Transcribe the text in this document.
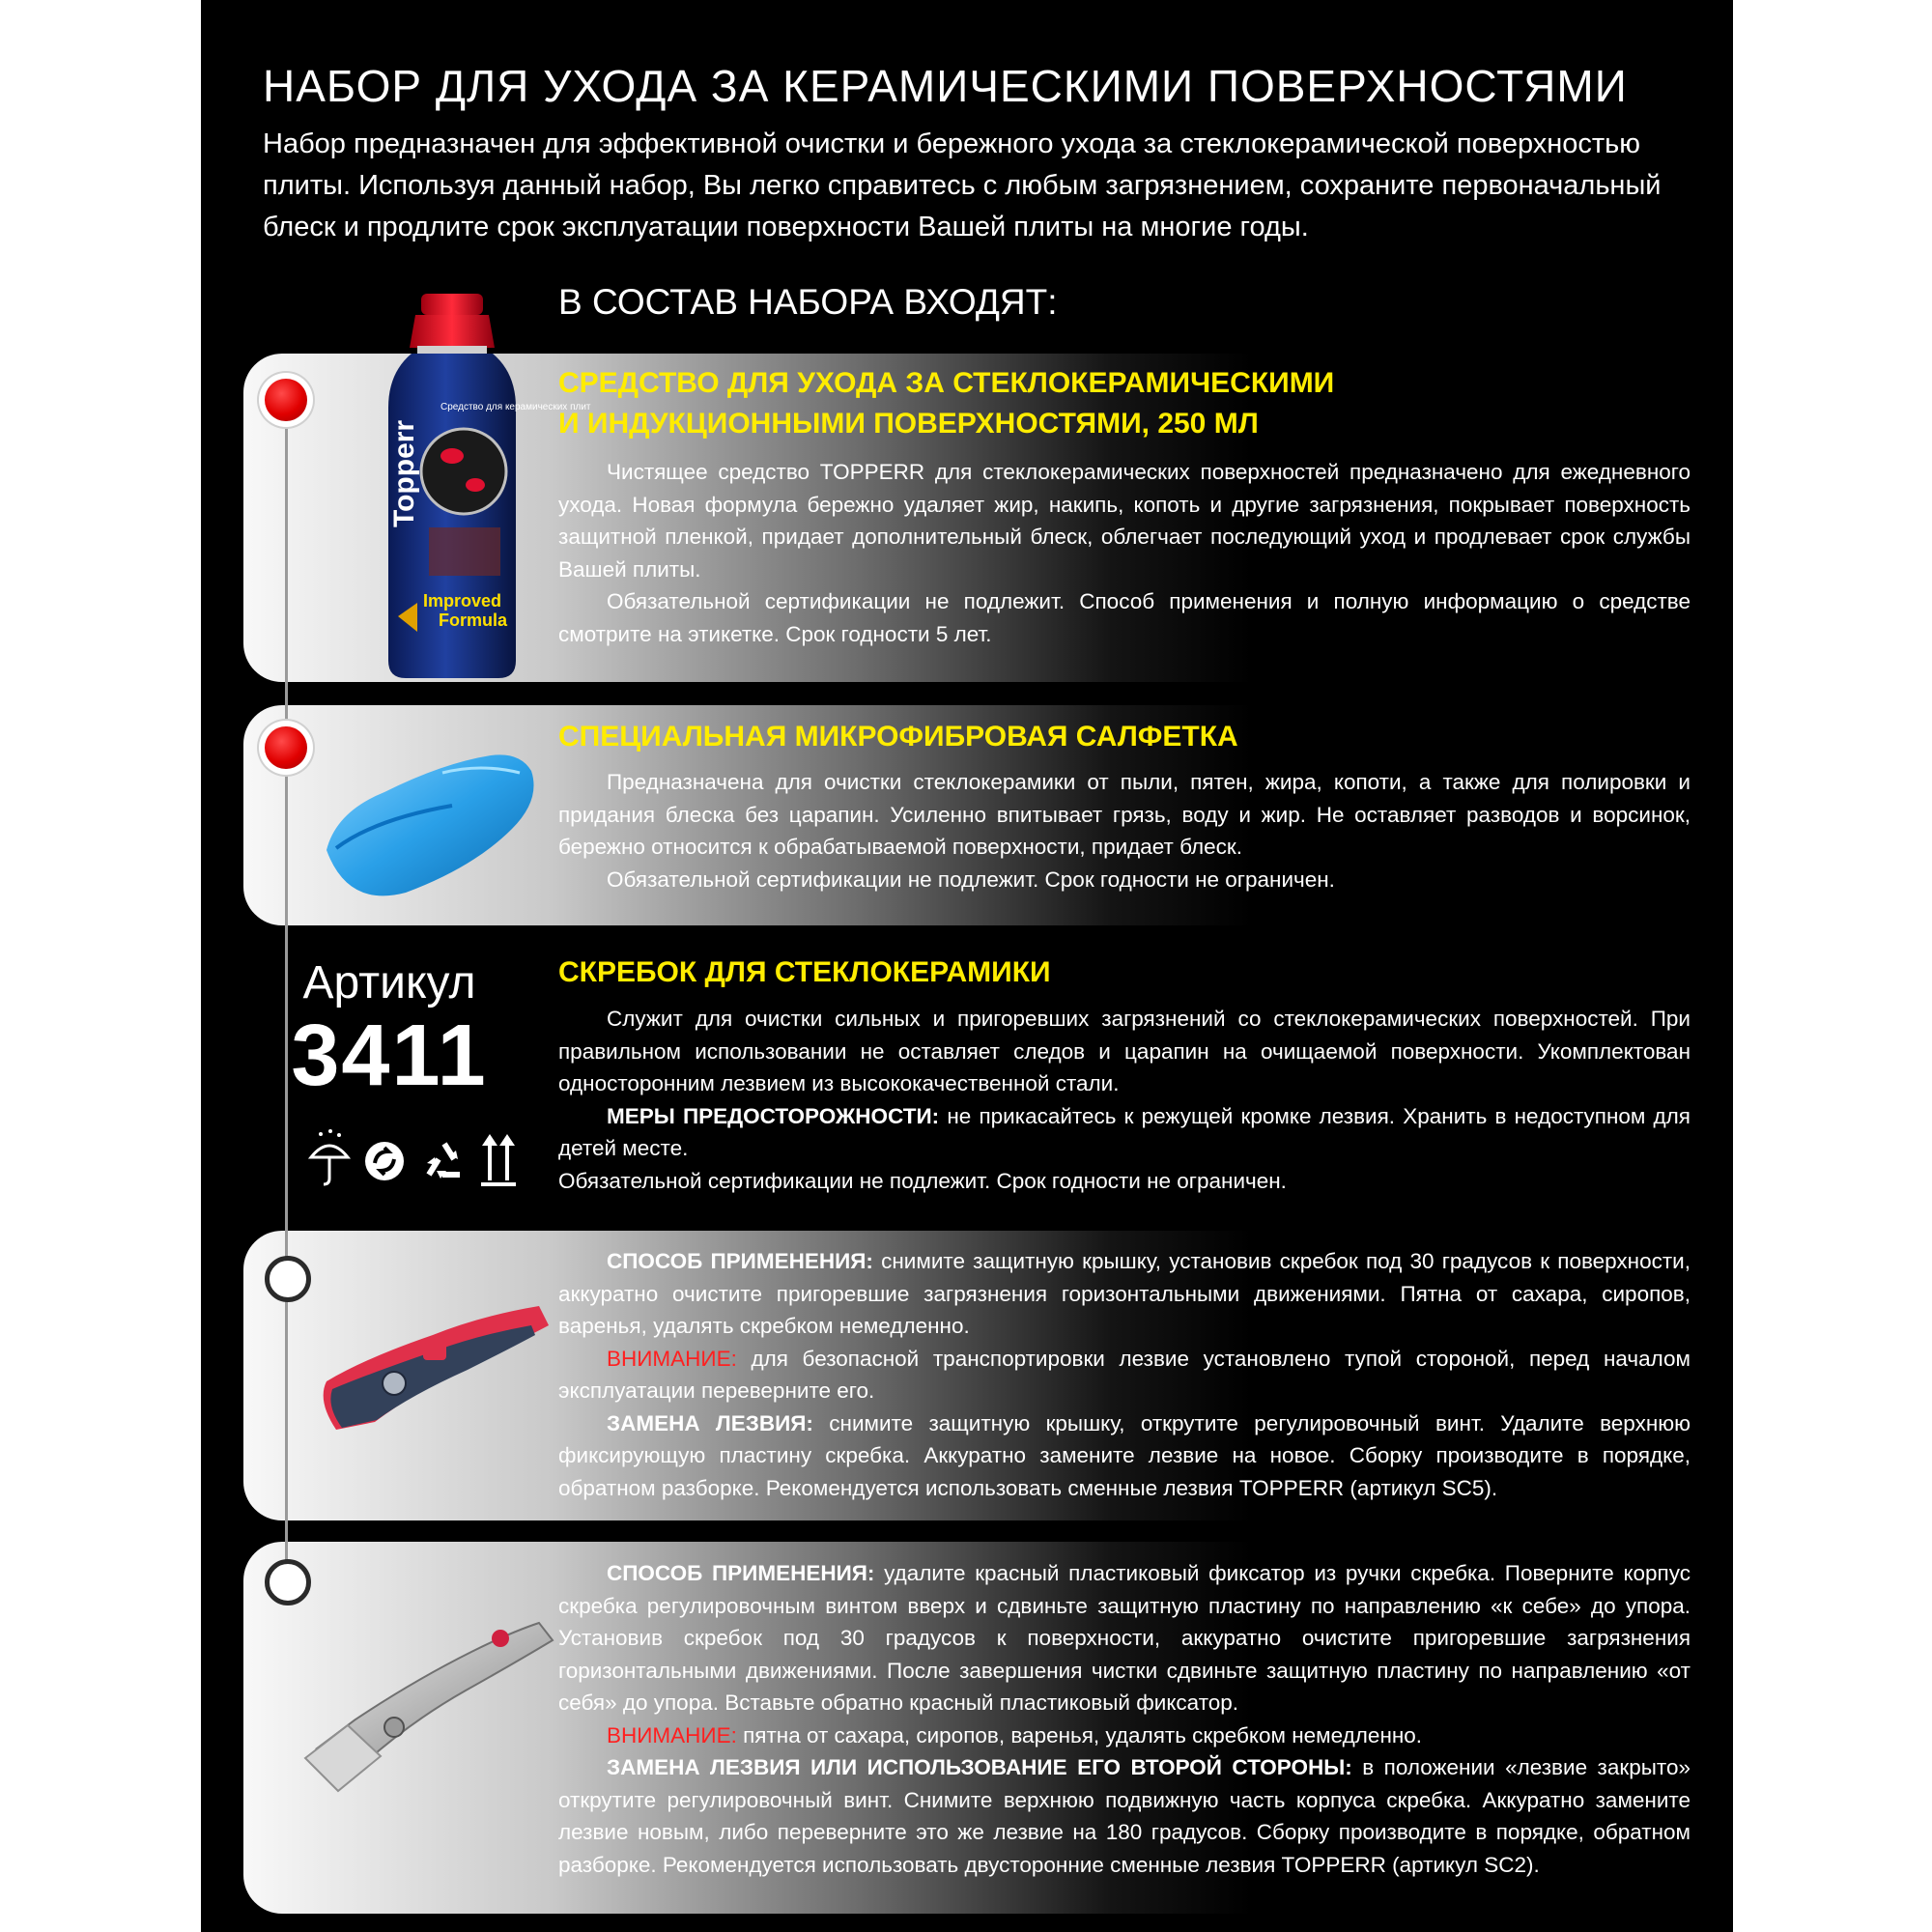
НАБОР ДЛЯ УХОДА ЗА КЕРАМИЧЕСКИМИ ПОВЕРХНОСТЯМИ
Набор предназначен для эффективной очистки и бережного ухода за стеклокерамической поверхностью плиты. Используя данный набор, Вы легко справитесь с любым загрязнением, сохраните первоначальный блеск и продлите срок эксплуатации поверхности Вашей плиты на многие годы.
В СОСТАВ НАБОРА ВХОДЯТ:
Topperr
Средство для керамических плит
Improved
Formula
СРЕДСТВО ДЛЯ УХОДА ЗА СТЕКЛОКЕРАМИЧЕСКИМИ
И ИНДУКЦИОННЫМИ ПОВЕРХНОСТЯМИ, 250 МЛ

Чистящее средство TOPPERR для стеклокерамических поверхностей предназначено для ежедневного ухода. Новая формула бережно удаляет жир, накипь, копоть и другие загрязнения, покрывает поверхность защитной пленкой, придает дополнительный блеск, облегчает последующий уход и продлевает срок службы Вашей плиты.

Обязательной сертификации не подлежит. Способ применения и полную информацию о средстве смотрите на этикетке. Срок годности 5 лет.

СПЕЦИАЛЬНАЯ МИКРОФИБРОВАЯ САЛФЕТКА

Предназначена для очистки стеклокерамики от пыли, пятен, жира, копоти, а также для полировки и придания блеска без царапин. Усиленно впитывает грязь, воду и жир. Не оставляет разводов и ворсинок, бережно относится к обрабатываемой поверхности, придает блеск.

Обязательной сертификации не подлежит. Срок годности не ограничен.

Артикул
3411
СКРЕБОК ДЛЯ СТЕКЛОКЕРАМИКИ

Служит для очистки сильных и пригоревших загрязнений со стеклокерамических поверхностей. При правильном использовании не оставляет следов и царапин на очищаемой поверхности. Укомплектован односторонним лезвием из высококачественной стали.

МЕРЫ ПРЕДОСТОРОЖНОСТИ: не прикасайтесь к режущей кромке лезвия. Хранить в недоступном для детей месте.

Обязательной сертификации не подлежит. Срок годности не ограничен.

СПОСОБ ПРИМЕНЕНИЯ: снимите защитную крышку, установив скребок под 30 градусов к поверхности, аккуратно очистите пригоревшие загрязнения горизонтальными движениями. Пятна от сахара, сиропов, варенья, удалять скребком немедленно.

ВНИМАНИЕ: для безопасной транспортировки лезвие установлено тупой стороной, перед началом эксплуатации переверните его.

ЗАМЕНА ЛЕЗВИЯ: снимите защитную крышку, открутите регулировочный винт. Удалите верхнюю фиксирующую пластину скребка. Аккуратно замените лезвие на новое. Сборку производите в порядке, обратном разборке. Рекомендуется использовать сменные лезвия TOPPERR (артикул SC5).

СПОСОБ ПРИМЕНЕНИЯ: удалите красный пластиковый фиксатор из ручки скребка. Поверните корпус скребка регулировочным винтом вверх и сдвиньте защитную пластину по направлению «к себе» до упора. Установив скребок под 30 градусов к поверхности, аккуратно очистите пригоревшие загрязнения горизонтальными движениями. После завершения чистки сдвиньте защитную пластину по направлению «от себя» до упора. Вставьте обратно красный пластиковый фиксатор.

ВНИМАНИЕ: пятна от сахара, сиропов, варенья, удалять скребком немедленно.

ЗАМЕНА ЛЕЗВИЯ ИЛИ ИСПОЛЬЗОВАНИЕ ЕГО ВТОРОЙ СТОРОНЫ: в положении «лезвие закрыто» открутите регулировочный винт. Снимите верхнюю подвижную часть корпуса скребка. Аккуратно замените лезвие новым, либо переверните это же лезвие на 180 градусов. Сборку производите в порядке, обратном разборке. Рекомендуется использовать двусторонние сменные лезвия TOPPERR (артикул SC2).
